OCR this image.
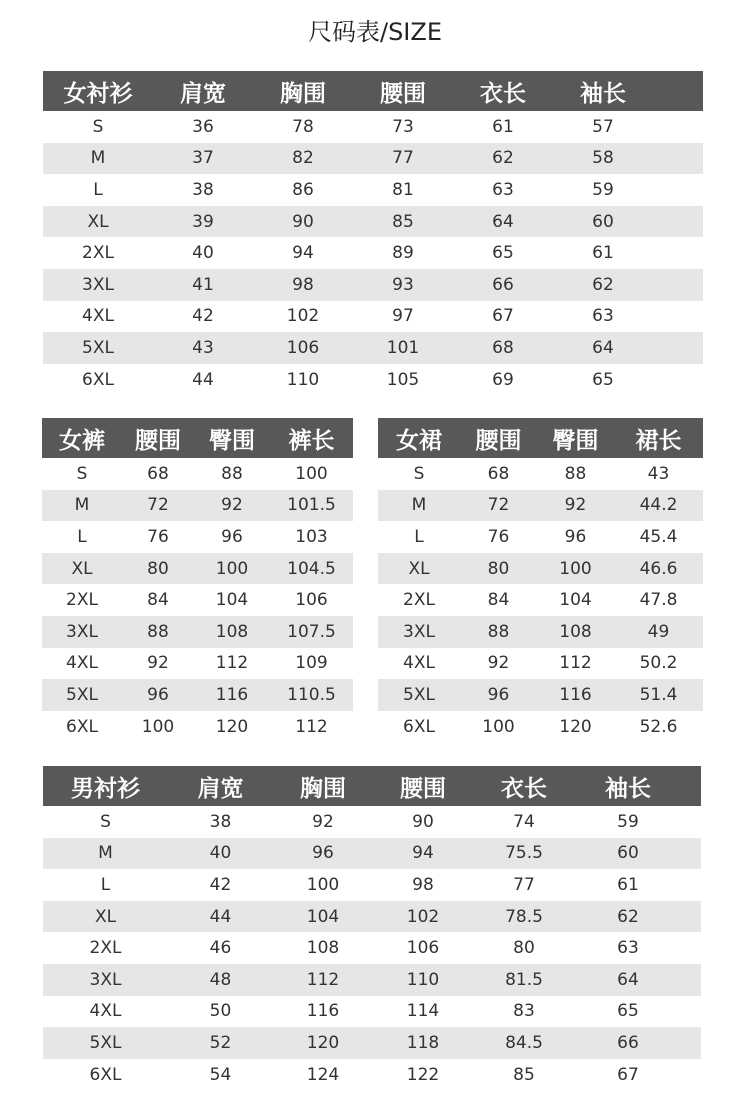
尺码表/SIZE
女衬衫	肩宽	胸围	腰围	衣长	袖长
S	36	78	73	61	57
M	37	82	77	62	58
L	38	86	81	63	59
XL	39	90	85	64	60
2XL	40	94	89	65	61
3XL	41	98	93	66	62
4XL	42	102	97	67	63
5XL	43	106	101	68	64
6XL	44	110	105	69	65
女裤	腰围	臀围	裤长
S	68	88	100
M	72	92	101.5
L	76	96	103
XL	80	100	104.5
2XL	84	104	106
3XL	88	108	107.5
4XL	92	112	109
5XL	96	116	110.5
6XL	100	120	112
女裙	腰围	臀围	裙长
S	68	88	43
M	72	92	44.2
L	76	96	45.4
XL	80	100	46.6
2XL	84	104	47.8
3XL	88	108	49
4XL	92	112	50.2
5XL	96	116	51.4
6XL	100	120	52.6
男衬衫	肩宽	胸围	腰围	衣长	袖长
S	38	92	90	74	59
M	40	96	94	75.5	60
L	42	100	98	77	61
XL	44	104	102	78.5	62
2XL	46	108	106	80	63
3XL	48	112	110	81.5	64
4XL	50	116	114	83	65
5XL	52	120	118	84.5	66
6XL	54	124	122	85	67
